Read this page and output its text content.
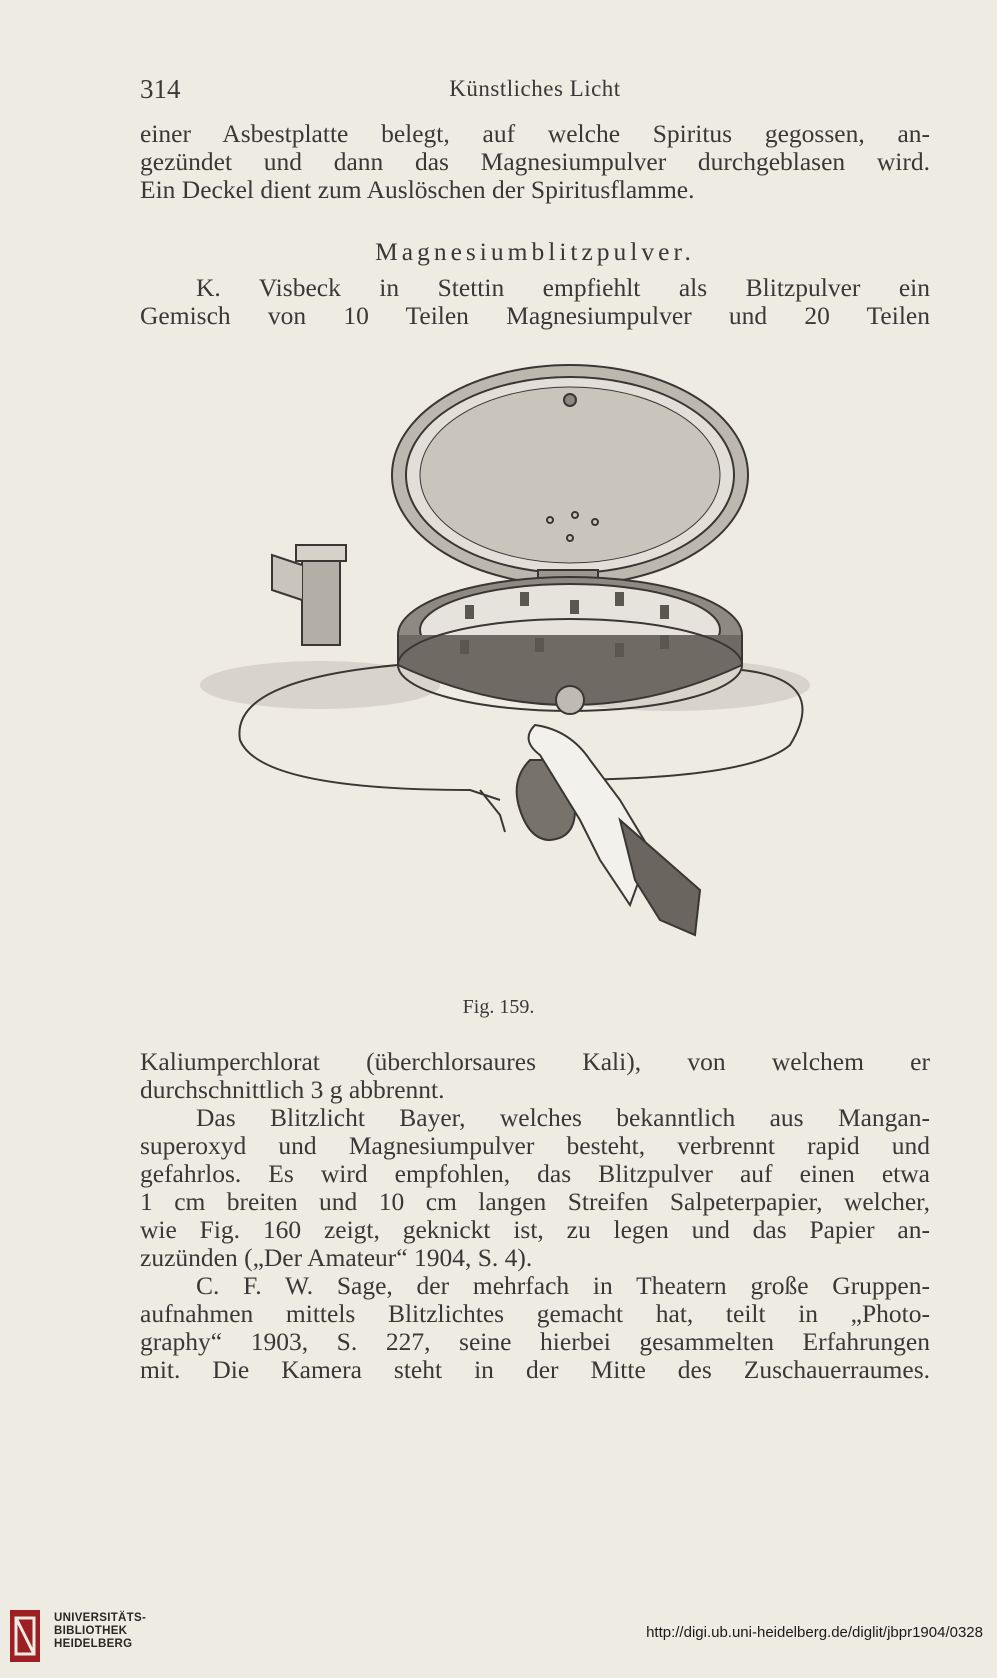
314	Künstliches Licht
einer Asbestplatte belegt, auf welche Spiritus gegossen, an-
gezündet und dann das Magnesiumpulver durchgeblasen wird.
Ein Deckel dient zum Auslöschen der Spiritusflamme.
Magnesiumblitzpulver.
K. Visbeck in Stettin empfiehlt als Blitzpulver ein
Gemisch von 10 Teilen Magnesiumpulver und 20 Teilen
Fig. 159.
Kaliumperchlorat (überchlorsaures Kali), von welchem er
durchschnittlich 3 g abbrennt.
Das Blitzlicht Bayer, welches bekanntlich aus Mangan-
superoxyd und Magnesiumpulver besteht, verbrennt rapid und
gefahrlos. Es wird empfohlen, das Blitzpulver auf einen etwa
1 cm breiten und 10 cm langen Streifen Salpeterpapier, welcher,
wie Fig. 160 zeigt, geknickt ist, zu legen und das Papier an-
zuzünden („Der Amateur“ 1904, S. 4).
C. F. W. Sage, der mehrfach in Theatern große Gruppen-
aufnahmen mittels Blitzlichtes gemacht hat, teilt in „Photo-
graphy“ 1903, S. 227, seine hierbei gesammelten Erfahrungen
mit. Die Kamera steht in der Mitte des Zuschauerraumes.
UNIVERSITÄTS-
BIBLIOTHEK
HEIDELBERG
http://digi.ub.uni-heidelberg.de/diglit/jbpr1904/0328
